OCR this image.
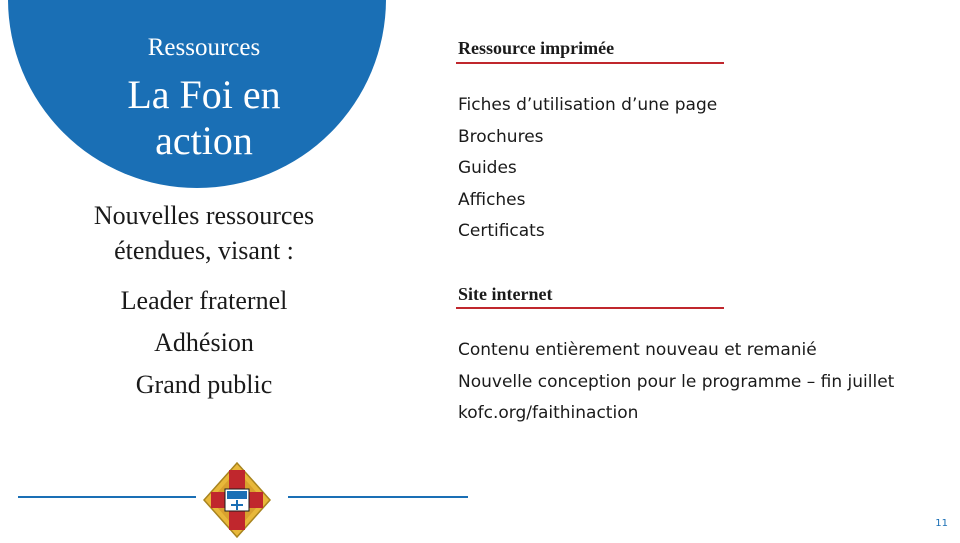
Ressources
La Foi en
action
Nouvelles ressources
étendues, visant :
Leader fraternel
Adhésion
Grand public
Ressource imprimée
Fiches d’utilisation d’une page
Brochures
Guides
Affiches
Certificats
Site internet
Contenu entièrement nouveau et remanié
Nouvelle conception pour le programme – fin juillet
kofc.org/faithinaction
11
